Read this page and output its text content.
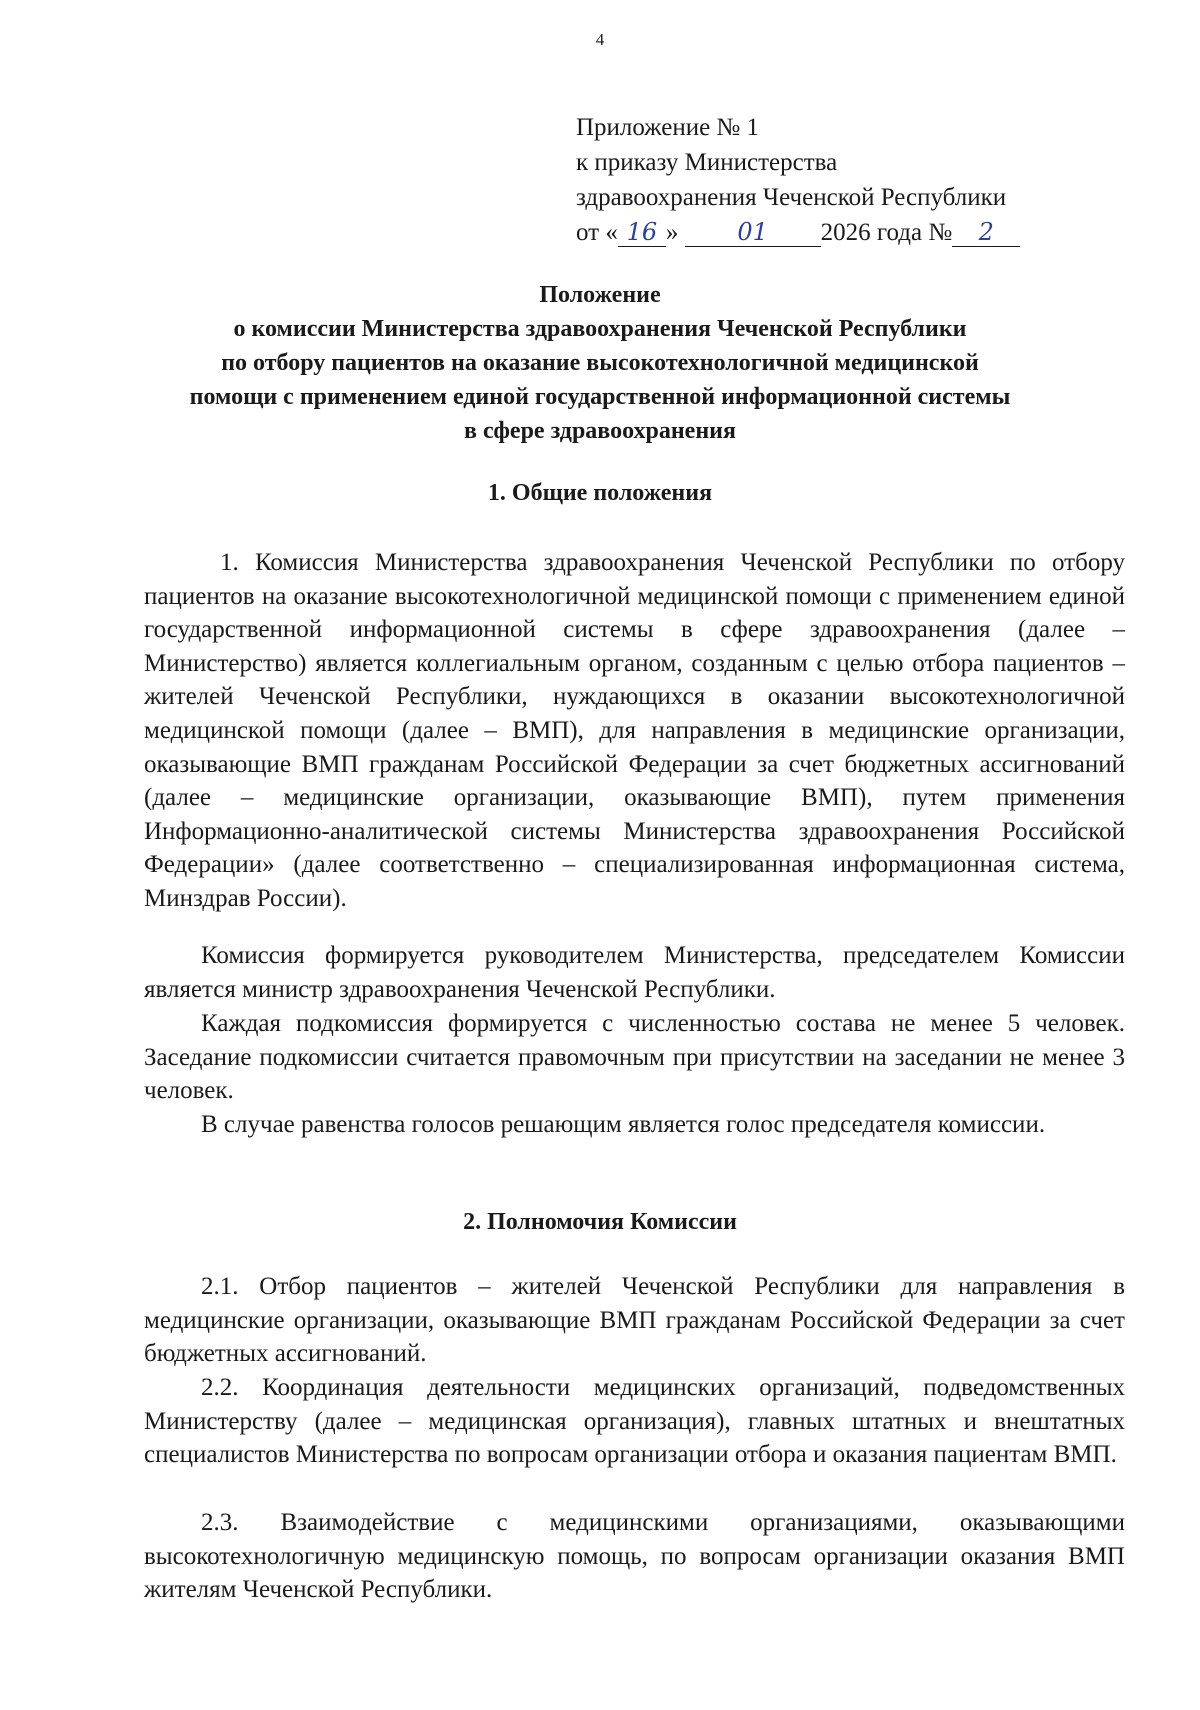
4
Приложение № 1
к приказу Министерства
здравоохранения Чеченской Республики
от « 16 » 01 2026 года № 2
Положение
о комиссии Министерства здравоохранения Чеченской Республики
по отбору пациентов на оказание высокотехнологичной медицинской
помощи с применением единой государственной информационной системы
в сфере здравоохранения
1. Общие положения

1. Комиссия Министерства здравоохранения Чеченской Республики по отбору пациентов на оказание высокотехнологичной медицинской помощи с применением единой государственной информационной системы в сфере здравоохранения (далее – Министерство) является коллегиальным органом, созданным с целью отбора пациентов – жителей Чеченской Республики, нуждающихся в оказании высокотехнологичной медицинской помощи (далее – ВМП), для направления в медицинские организации, оказывающие ВМП гражданам Российской Федерации за счет бюджетных ассигнований (далее – медицинские организации, оказывающие ВМП), путем применения Информационно-аналитической системы Министерства здравоохранения Российской Федерации» (далее соответственно – специализированная информационная система, Минздрав России).

Комиссия формируется руководителем Министерства, председателем Комиссии является министр здравоохранения Чеченской Республики.

Каждая подкомиссия формируется с численностью состава не менее 5 человек. Заседание подкомиссии считается правомочным при присутствии на заседании не менее 3 человек.

В случае равенства голосов решающим является голос председателя комиссии.

2. Полномочия Комиссии

2.1. Отбор пациентов – жителей Чеченской Республики для направления в медицинские организации, оказывающие ВМП гражданам Российской Федерации за счет бюджетных ассигнований.

2.2. Координация деятельности медицинских организаций, подведомственных Министерству (далее – медицинская организация), главных штатных и внештатных специалистов Министерства по вопросам организации отбора и оказания пациентам ВМП.

2.3. Взаимодействие с медицинскими организациями, оказывающими высокотехнологичную медицинскую помощь, по вопросам организации оказания ВМП жителям Чеченской Республики.
